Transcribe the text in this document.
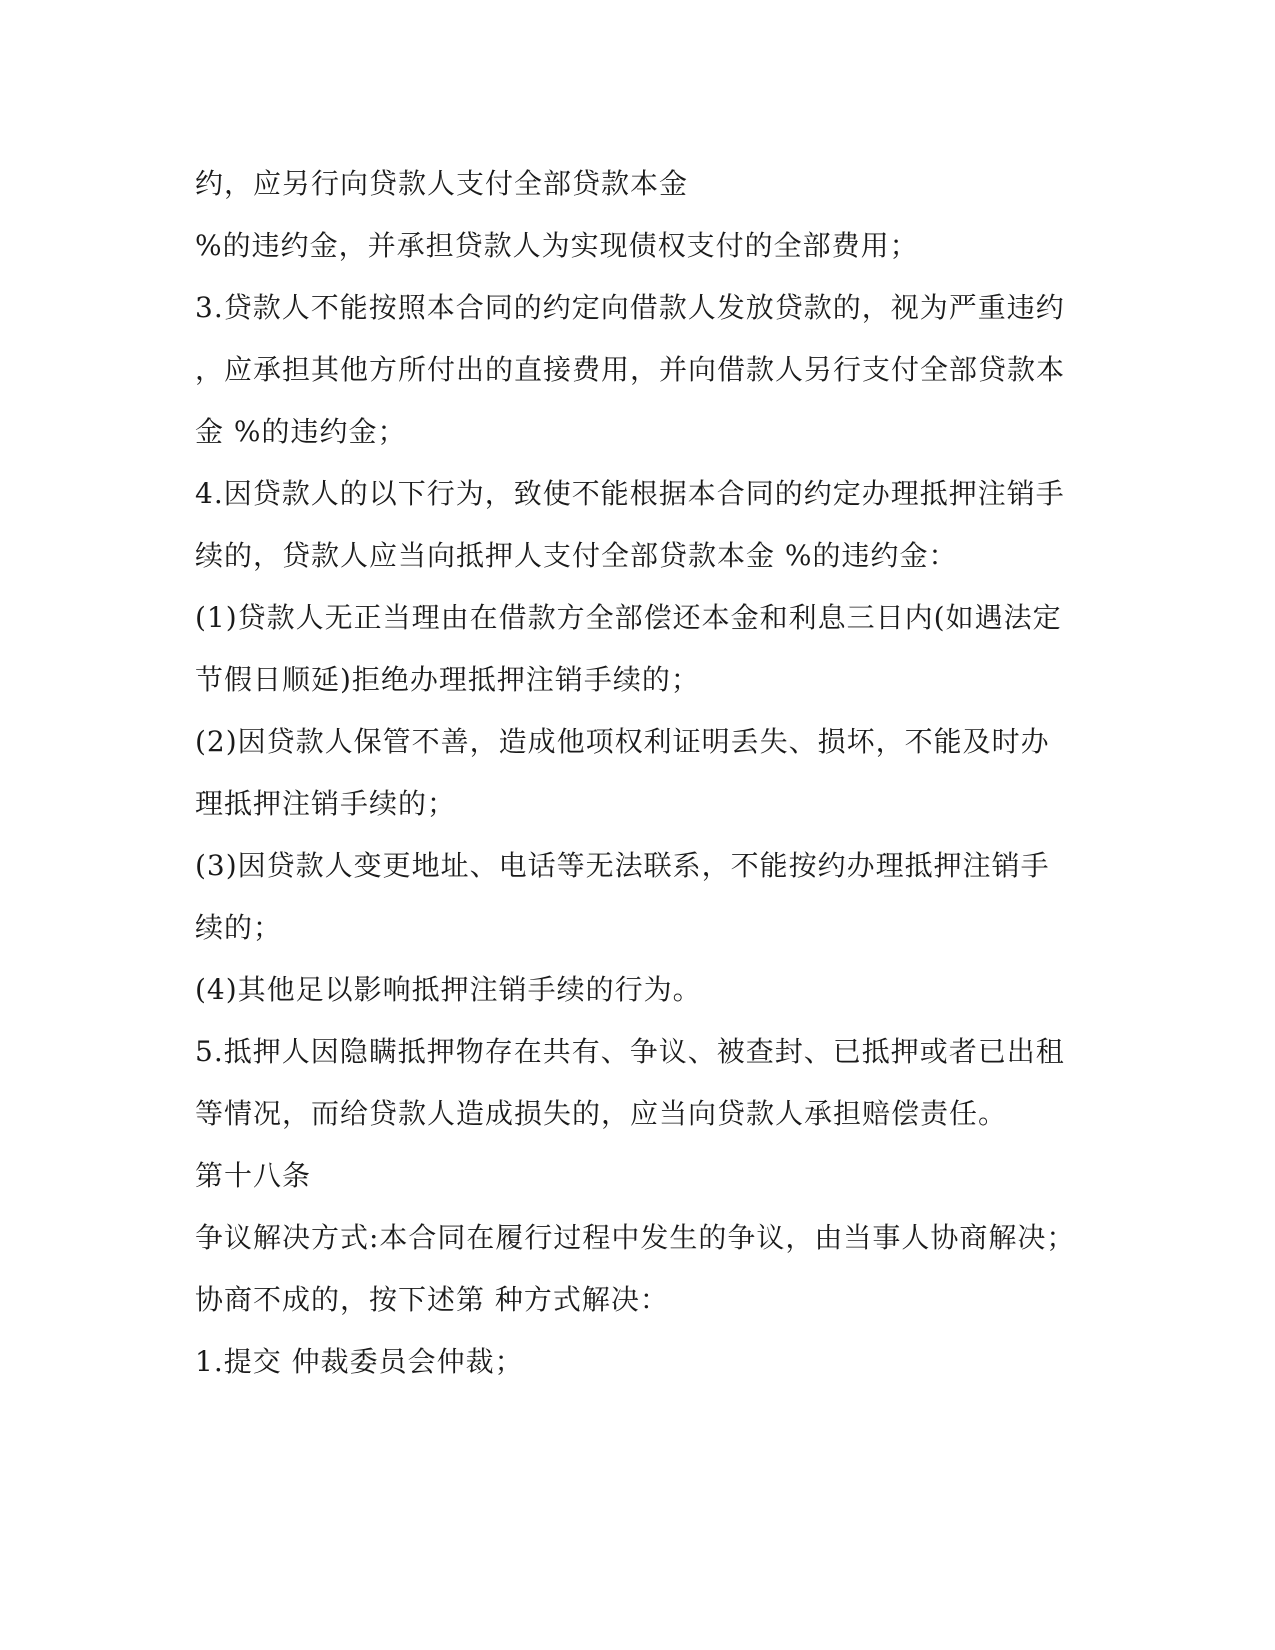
约，应另行向贷款人支付全部贷款本金
%的违约金，并承担贷款人为实现债权支付的全部费用；
3.贷款人不能按照本合同的约定向借款人发放贷款的，视为严重违约
，应承担其他方所付出的直接费用，并向借款人另行支付全部贷款本
金 %的违约金；
4.因贷款人的以下行为，致使不能根据本合同的约定办理抵押注销手
续的，贷款人应当向抵押人支付全部贷款本金 %的违约金：
(1)贷款人无正当理由在借款方全部偿还本金和利息三日内(如遇法定
节假日顺延)拒绝办理抵押注销手续的；
(2)因贷款人保管不善，造成他项权利证明丢失、损坏，不能及时办
理抵押注销手续的；
(3)因贷款人变更地址、电话等无法联系，不能按约办理抵押注销手
续的；
(4)其他足以影响抵押注销手续的行为。
5.抵押人因隐瞒抵押物存在共有、争议、被查封、已抵押或者已出租
等情况，而给贷款人造成损失的，应当向贷款人承担赔偿责任。
第十八条
争议解决方式:本合同在履行过程中发生的争议，由当事人协商解决；
协商不成的，按下述第 种方式解决：
1.提交 仲裁委员会仲裁；
